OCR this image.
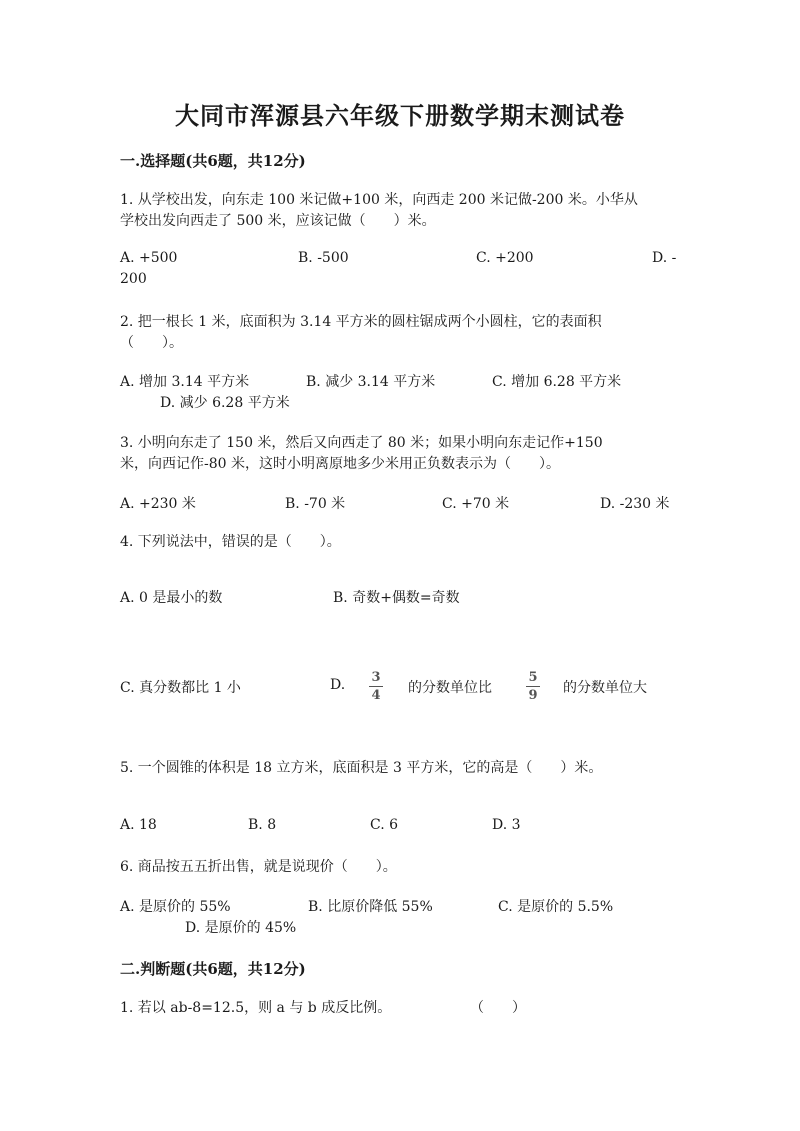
大同市浑源县六年级下册数学期末测试卷
一.选择题(共6题，共12分)
1. 从学校出发，向东走 100 米记做+100 米，向西走 200 米记做-200 米。小华从
学校出发向西走了 500 米，应该记做（　　）米。
A. +500	B. -500	C. +200	D. -
200
2. 把一根长 1 米，底面积为 3.14 平方米的圆柱锯成两个小圆柱，它的表面积
（　　）。
A. 增加 3.14 平方米	B. 减少 3.14 平方米	C. 增加 6.28 平方米
D. 减少 6.28 平方米
3. 小明向东走了 150 米，然后又向西走了 80 米；如果小明向东走记作+150
米，向西记作-80 米，这时小明离原地多少米用正负数表示为（　　）。
A. +230 米	B. -70 米	C. +70 米	D. -230 米
4. 下列说法中，错误的是（　　）。
A. 0 是最小的数	B. 奇数+偶数=奇数
C. 真分数都比 1 小	D. 3
4 的分数单位比
5
9 的分数单位大
5. 一个圆锥的体积是 18 立方米，底面积是 3 平方米，它的高是（　　）米。
A. 18	B. 8	C. 6	D. 3
6. 商品按五五折出售，就是说现价（　　）。
A. 是原价的 55%	B. 比原价降低 55%	C. 是原价的 5.5%
D. 是原价的 45%
二.判断题(共6题，共12分)
1. 若以 ab-8=12.5，则 a 与 b 成反比例。	（　　）
